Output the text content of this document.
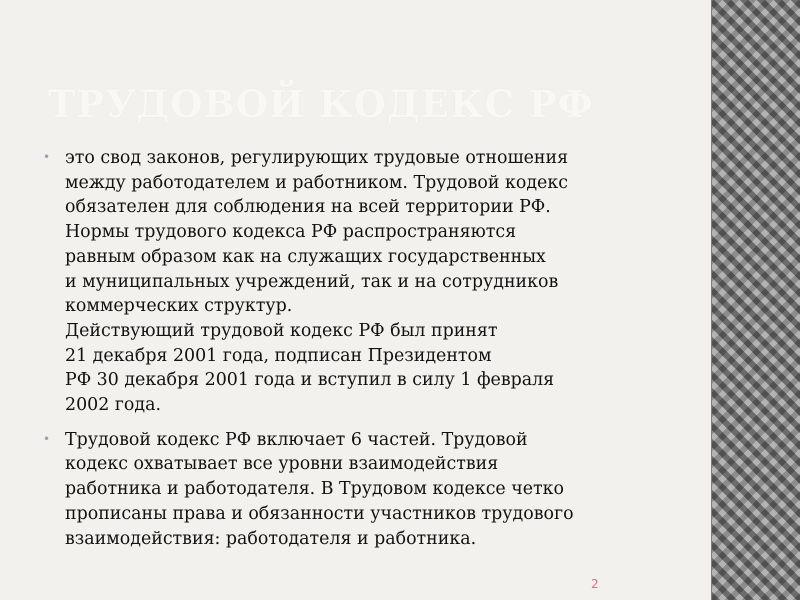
ТРУДОВОЙ КОДЕКС РФ
• это свод законов, регулирующих трудовые отношения
между работодателем и работником. Трудовой кодекс
обязателен для соблюдения на всей территории РФ.
Нормы трудового кодекса РФ распространяются
равным образом как на служащих государственных
и муниципальных учреждений, так и на сотрудников
коммерческих структур.
Действующий трудовой кодекс РФ был принят
21 декабря 2001 года, подписан Президентом
РФ 30 декабря 2001 года и вступил в силу 1 февраля
2002 года.
• Трудовой кодекс РФ включает 6 частей. Трудовой
кодекс охватывает все уровни взаимодействия
работника и работодателя. В Трудовом кодексе четко
прописаны права и обязанности участников трудового
взаимодействия: работодателя и работника.
2
